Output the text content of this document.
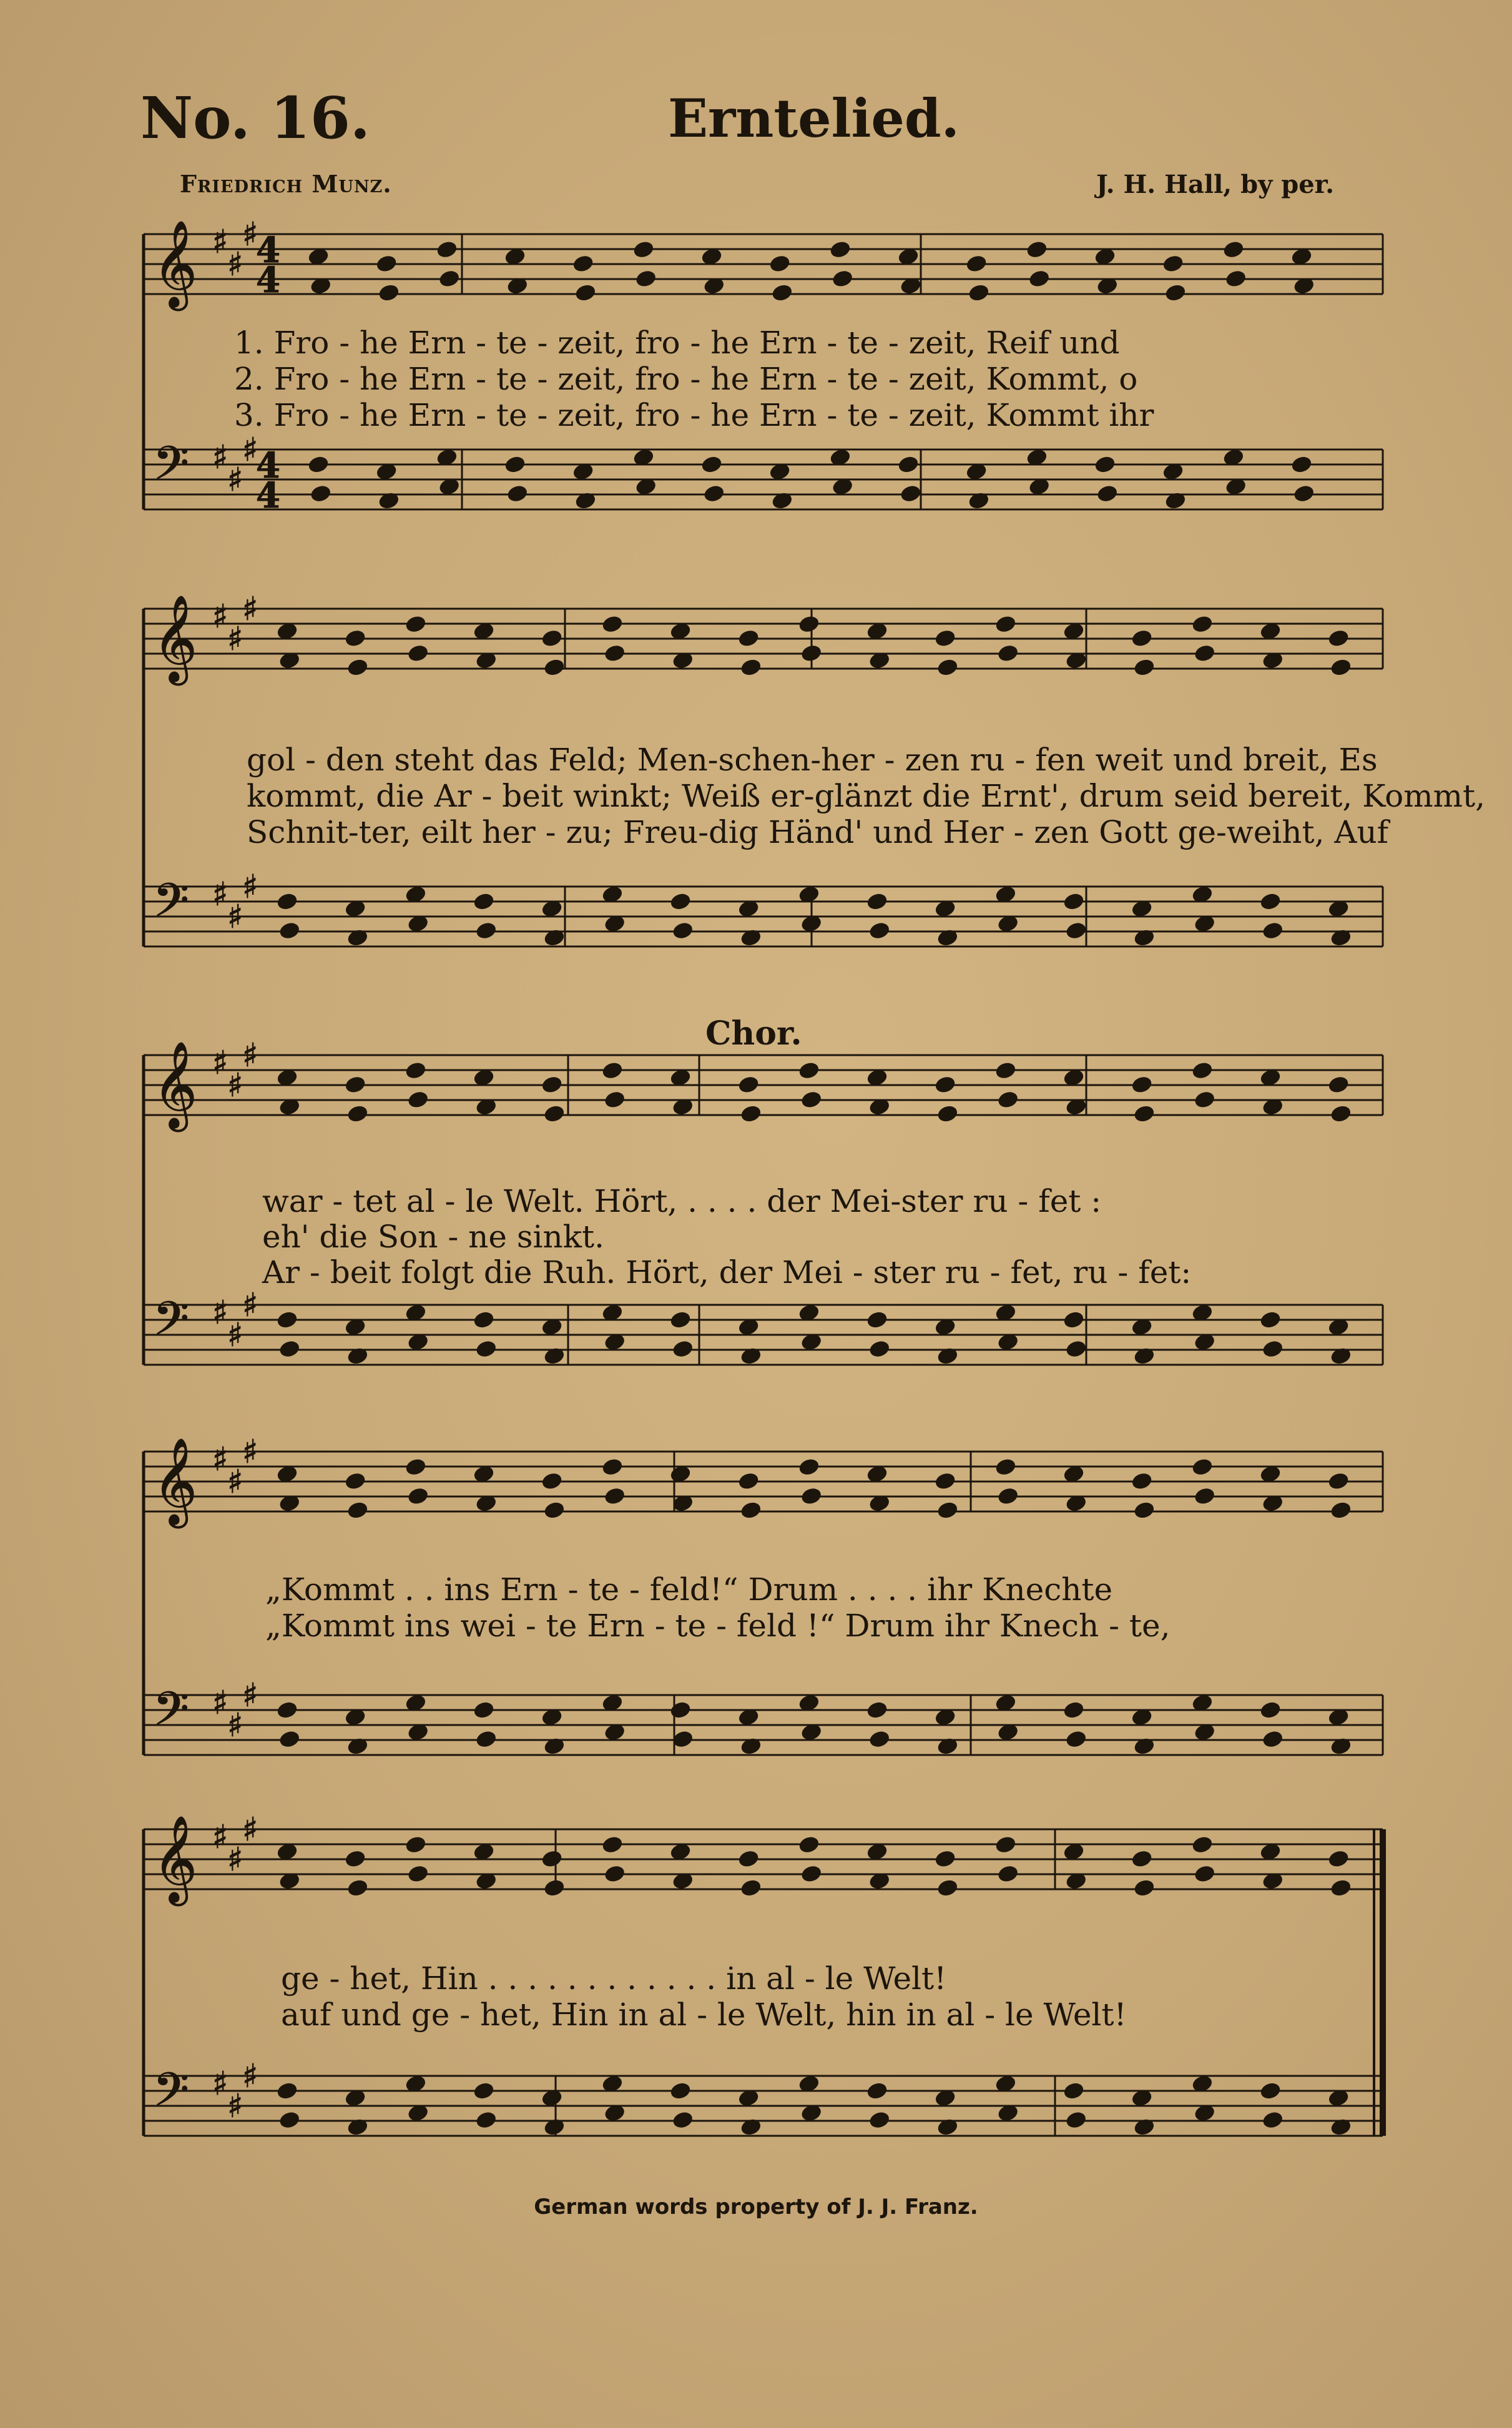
No. 16.	Erntelied.
Friedrich Munz.	J. H. Hall, by per.
𝄞
𝄢
♯
♯
♯
♯
♯
♯
𝄞
𝄢
♯
♯
♯
♯
♯
♯
𝄞
𝄢
♯
♯
♯
♯
♯
♯
𝄞
𝄢
♯
♯
♯
♯
♯
♯
𝄞
𝄢
♯
♯
♯
♯
♯
♯
4
4
4
4
1. Fro - he Ern - te - zeit, fro - he Ern - te - zeit, Reif und
2. Fro - he Ern - te - zeit, fro - he Ern - te - zeit, Kommt, o
3. Fro - he Ern - te - zeit, fro - he Ern - te - zeit, Kommt ihr
gol - den steht das Feld; Men-schen-her - zen ru - fen weit und breit, Es
kommt, die Ar - beit winkt; Weiß er-glänzt die Ernt', drum seid bereit, Kommt,
Schnit-ter, eilt her - zu; Freu-dig Händ' und Her - zen Gott ge-weiht, Auf
Chor.
war - tet al - le Welt. Hört, . . . . der Mei-ster ru - fet :
eh' die Son - ne sinkt.
Ar - beit folgt die Ruh. Hört, der Mei - ster ru - fet, ru - fet:
„Kommt . . ins Ern - te - feld!“ Drum . . . . ihr Knechte
„Kommt ins wei - te Ern - te - feld !“ Drum ihr Knech - te,
ge - het, Hin . . . . . . . . . . . . in al - le Welt!
auf und ge - het, Hin in al - le Welt, hin in al - le Welt!
German words property of J. J. Franz.
